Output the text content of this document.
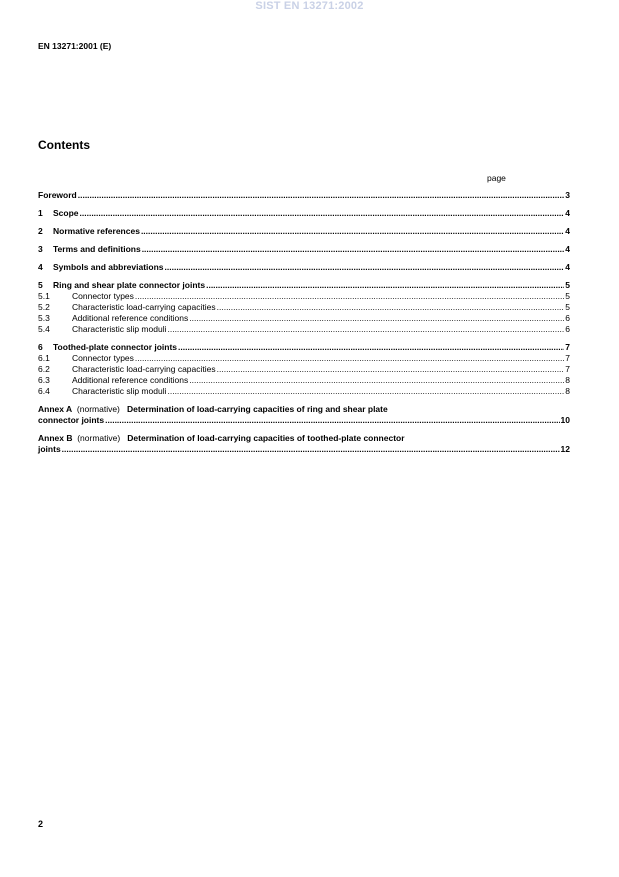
SIST EN 13271:2002
EN 13271:2001 (E)
Contents
page
Foreword .....	3
1	Scope .....	4
2	Normative references .....	4
3	Terms and definitions .....	4
4	Symbols and abbreviations .....	4
5	Ring and shear plate connector joints .....	5
5.1	Connector types .....	5
5.2	Characteristic load-carrying capacities .....	5
5.3	Additional reference conditions .....	6
5.4	Characteristic slip moduli .....	6
6	Toothed-plate connector joints .....	7
6.1	Connector types .....	7
6.2	Characteristic load-carrying capacities .....	7
6.3	Additional reference conditions .....	8
6.4	Characteristic slip moduli .....	8
Annex A (normative) Determination of load-carrying capacities of ring and shear plate
connector joints .....	10
Annex B (normative) Determination of load-carrying capacities of toothed-plate connector
joints .....	12
2
